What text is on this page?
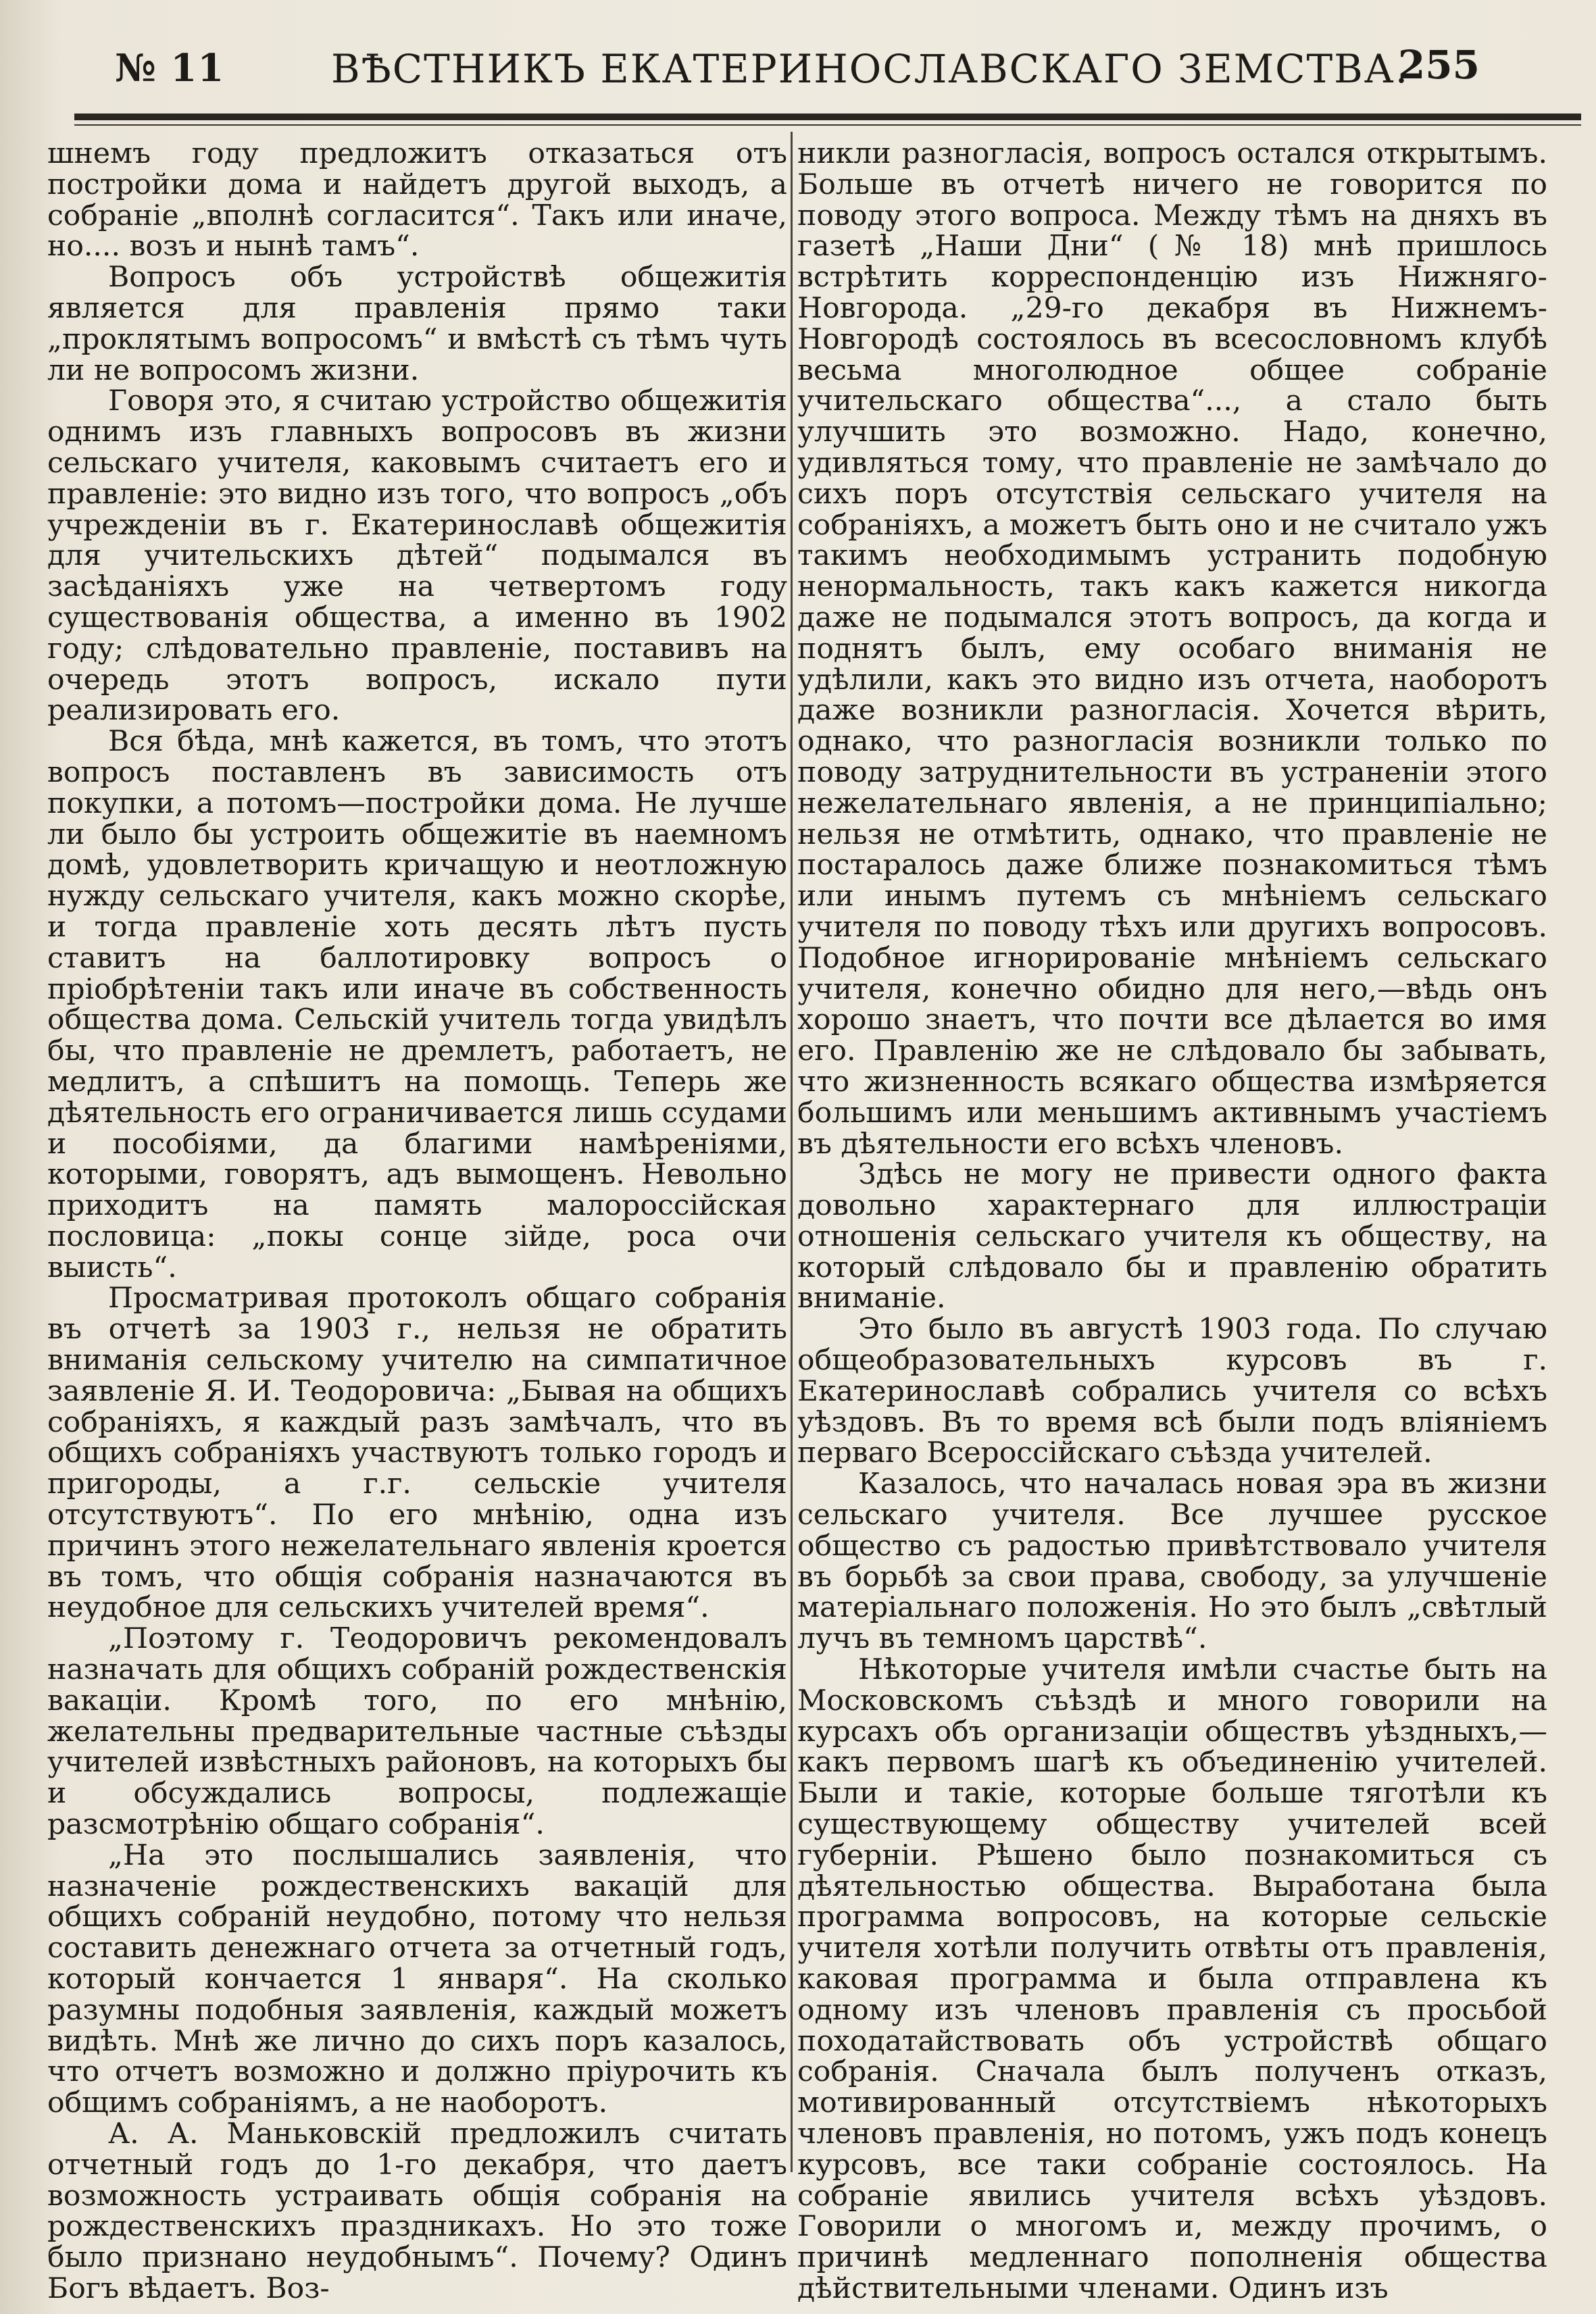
№ 11	ВѢСТНИКЪ ЕКАТЕРИНОСЛАВСКАГО ЗЕМСТВА.
255

шнемъ году предложитъ отказаться отъ постройки дома и найдетъ другой выходъ, а собраніе „вполнѣ согласится“. Такъ или иначе, но.... возъ и нынѣ тамъ“.

Вопросъ объ устройствѣ общежитія является для правленія прямо таки „проклятымъ вопросомъ“ и вмѣстѣ съ тѣмъ чуть ли не вопросомъ жизни.

Говоря это, я считаю устройство общежитія однимъ изъ главныхъ вопросовъ въ жизни сельскаго учителя, каковымъ считаетъ его и правленіе: это видно изъ того, что вопросъ „объ учрежденіи въ г. Екатеринославѣ общежитія для учительскихъ дѣтей“ подымался въ засѣданіяхъ уже на четвертомъ году существованія общества, а именно въ 1902 году; слѣдовательно правленіе, поставивъ на очередь этотъ вопросъ, искало пути реализировать его.

Вся бѣда, мнѣ кажется, въ томъ, что этотъ вопросъ поставленъ въ зависимость отъ покупки, а потомъ—постройки дома. Не лучше ли было бы устроить общежитіе въ наемномъ домѣ, удовлетворить кричащую и неотложную нужду сельскаго учителя, какъ можно скорѣе, и тогда правленіе хоть десять лѣтъ пусть ставитъ на баллотировку вопросъ о пріобрѣтеніи такъ или иначе въ собственность общества дома. Сельскій учитель тогда увидѣлъ бы, что правленіе не дремлетъ, работаетъ, не медлитъ, а спѣшитъ на помощь. Теперь же дѣятельность его ограничивается лишь ссудами и пособіями, да благими намѣреніями, которыми, говорятъ, адъ вымощенъ. Невольно приходитъ на память малороссійская пословица: „покы сонце зійде, роса очи выисть“.

Просматривая протоколъ общаго собранія въ отчетѣ за 1903 г., нельзя не обратить вниманія сельскому учителю на симпатичное заявленіе Я. И. Теодоровича: „Бывая на общихъ собраніяхъ, я каждый разъ замѣчалъ, что въ общихъ собраніяхъ участвуютъ только городъ и пригороды, а г.г. сельскіе учителя отсутствуютъ“. По его мнѣнію, одна изъ причинъ этого нежелательнаго явленія кроется въ томъ, что общія собранія назначаются въ неудобное для сельскихъ учителей время“.

„Поэтому г. Теодоровичъ рекомендовалъ назначать для общихъ собраній рождественскія вакаціи. Кромѣ того, по его мнѣнію, желательны предварительные частные съѣзды учителей извѣстныхъ районовъ, на которыхъ бы и обсуждались вопросы, подлежащіе разсмотрѣнію общаго собранія“.

„На это послышались заявленія, что назначеніе рождественскихъ вакацій для общихъ собраній неудобно, потому что нельзя составить денежнаго отчета за отчетный годъ, который кончается 1 января“. На сколько разумны подобныя заявленія, каждый можетъ видѣть. Мнѣ же лично до сихъ поръ казалось, что отчетъ возможно и должно пріурочить къ общимъ собраніямъ, а не наоборотъ.

А. А. Маньковскій предложилъ считать отчетный годъ до 1-го декабря, что даетъ возможность устраивать общія собранія на рождественскихъ праздникахъ. Но это тоже было признано неудобнымъ“. Почему? Одинъ Богъ вѣдаетъ. Воз-

никли разногласія, вопросъ остался открытымъ. Больше въ отчетѣ ничего не говорится по поводу этого вопроса. Между тѣмъ на дняхъ въ газетѣ „Наши Дни“ (№ 18) мнѣ пришлось встрѣтить корреспонденцію изъ Нижняго-Новгорода. „29-го декабря въ Нижнемъ-Новгородѣ состоялось въ всесословномъ клубѣ весьма многолюдное общее собраніе учительскаго общества“..., а стало быть улучшить это возможно. Надо, конечно, удивляться тому, что правленіе не замѣчало до сихъ поръ отсутствія сельскаго учителя на собраніяхъ, а можетъ быть оно и не считало ужъ такимъ необходимымъ устранить подобную ненормальность, такъ какъ кажется никогда даже не подымался этотъ вопросъ, да когда и поднятъ былъ, ему особаго вниманія не удѣлили, какъ это видно изъ отчета, наоборотъ даже возникли разногласія. Хочется вѣрить, однако, что разногласія возникли только по поводу затруднительности въ устраненіи этого нежелательнаго явленія, а не принципіально; нельзя не отмѣтить, однако, что правленіе не постаралось даже ближе познакомиться тѣмъ или инымъ путемъ съ мнѣніемъ сельскаго учителя по поводу тѣхъ или другихъ вопросовъ. Подобное игнорированіе мнѣніемъ сельскаго учителя, конечно обидно для него,—вѣдь онъ хорошо знаетъ, что почти все дѣлается во имя его. Правленію же не слѣдовало бы забывать, что жизненность всякаго общества измѣряется большимъ или меньшимъ активнымъ участіемъ въ дѣятельности его всѣхъ членовъ.

Здѣсь не могу не привести одного факта довольно характернаго для иллюстраціи отношенія сельскаго учителя къ обществу, на который слѣдовало бы и правленію обратить вниманіе.

Это было въ августѣ 1903 года. По случаю общеобразовательныхъ курсовъ въ г. Екатеринославѣ собрались учителя со всѣхъ уѣздовъ. Въ то время всѣ были подъ вліяніемъ перваго Всероссійскаго съѣзда учителей.

Казалось, что началась новая эра въ жизни сельскаго учителя. Все лучшее русское общество съ радостью привѣтствовало учителя въ борьбѣ за свои права, свободу, за улучшеніе матеріальнаго положенія. Но это былъ „свѣтлый лучъ въ темномъ царствѣ“.

Нѣкоторые учителя имѣли счастье быть на Московскомъ съѣздѣ и много говорили на курсахъ объ организаціи обществъ уѣздныхъ,—какъ первомъ шагѣ къ объединенію учителей. Были и такіе, которые больше тяготѣли къ существующему обществу учителей всей губерніи. Рѣшено было познакомиться съ дѣятельностью общества. Выработана была программа вопросовъ, на которые сельскіе учителя хотѣли получить отвѣты отъ правленія, каковая программа и была отправлена къ одному изъ членовъ правленія съ просьбой походатайствовать объ устройствѣ общаго собранія. Сначала былъ полученъ отказъ, мотивированный отсутствіемъ нѣкоторыхъ членовъ правленія, но потомъ, ужъ подъ конецъ курсовъ, все таки собраніе состоялось. На собраніе явились учителя всѣхъ уѣздовъ. Говорили о многомъ и, между прочимъ, о причинѣ медленнаго пополненія общества дѣйствительными членами. Одинъ изъ
